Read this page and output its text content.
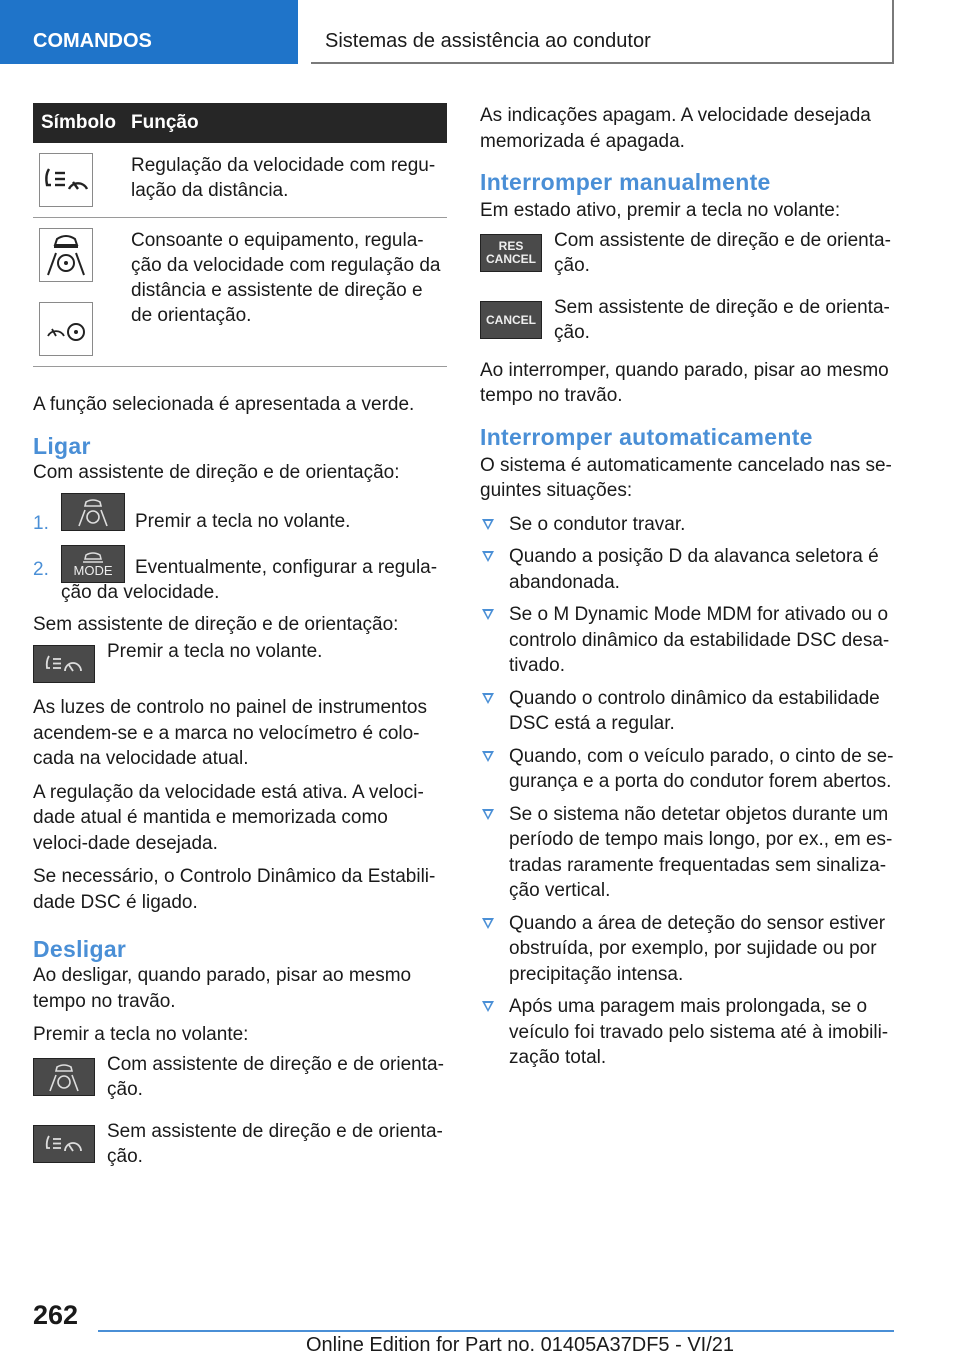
COMANDOS	Sistemas de assistência ao condutor
Símbolo	Função

	Regulação da velocidade com regu-lação da distância.

	Consoante o equipamento, regula-ção da velocidade com regulação da distância e assistente de direção e de orientação.

A função selecionada é apresentada a verde.

Ligar

Com assistente de direção e de orientação:

1.	Premir a tecla no volante.

2.	MODE	Eventualmente, configurar a regula-ção da velocidade.

Sem assistente de direção e de orientação:

Premir a tecla no volante.

As luzes de controlo no painel de instrumentos acendem-se e a marca no velocímetro é colo-cada na velocidade atual.

A regulação da velocidade está ativa. A veloci-dade atual é mantida e memorizada como veloci-dade desejada.

Se necessário, o Controlo Dinâmico da Estabili-dade DSC é ligado.

Desligar

Ao desligar, quando parado, pisar ao mesmo tempo no travão.

Premir a tecla no volante:

Com assistente de direção e de orienta-ção.

Sem assistente de direção e de orienta-ção.

As indicações apagam. A velocidade desejada memorizada é apagada.

Interromper manualmente

Em estado ativo, premir a tecla no volante:

RES
CANCEL

Com assistente de direção e de orienta-ção.

CANCEL

Sem assistente de direção e de orienta-ção.

Ao interromper, quando parado, pisar ao mesmo tempo no travão.

Interromper automaticamente

O sistema é automaticamente cancelado nas se-guintes situações:

Se o condutor travar.
Quando a posição D da alavanca seletora é abandonada.
Se o M Dynamic Mode MDM for ativado ou o controlo dinâmico da estabilidade DSC desa-tivado.
Quando o controlo dinâmico da estabilidade DSC está a regular.
Quando, com o veículo parado, o cinto de se-gurança e a porta do condutor forem abertos.
Se o sistema não detetar objetos durante um período de tempo mais longo, por ex., em es-tradas raramente frequentadas sem sinaliza-ção vertical.
Quando a área de deteção do sensor estiver obstruída, por exemplo, por sujidade ou por precipitação intensa.
Após uma paragem mais prolongada, se o veículo foi travado pelo sistema até à imobili-zação total.
262
Online Edition for Part no. 01405A37DF5 - VI/21
